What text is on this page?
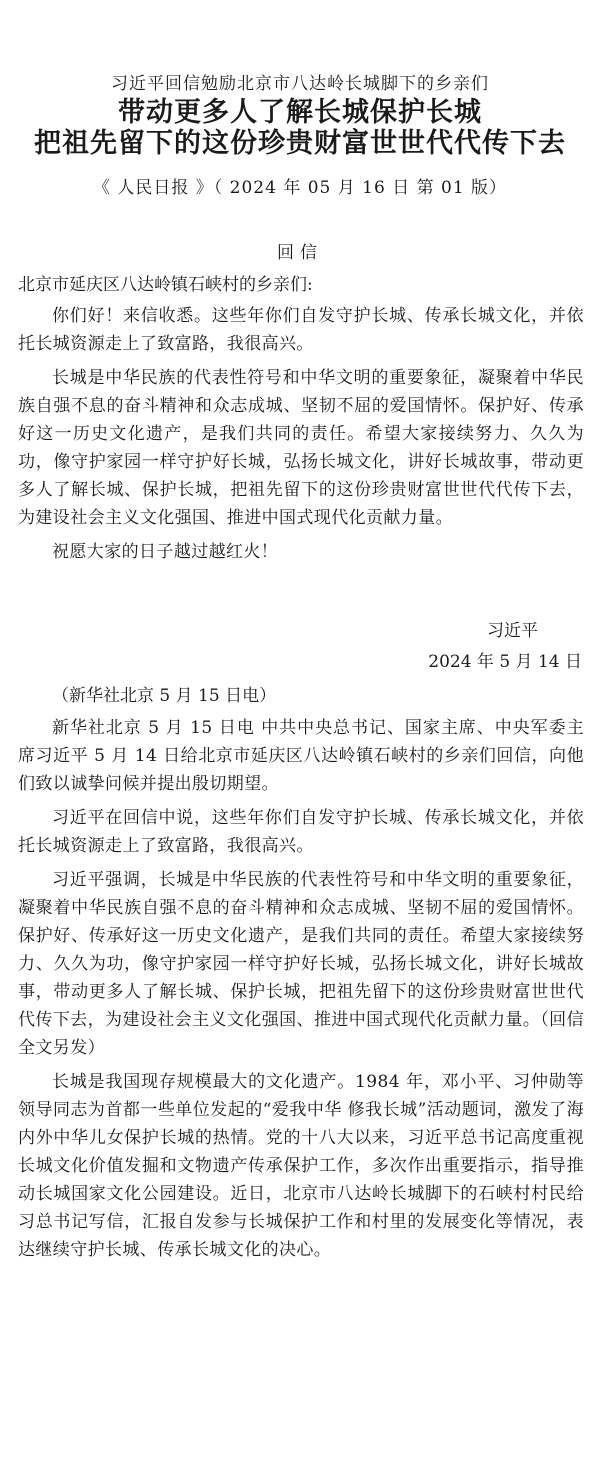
习近平回信勉励北京市八达岭长城脚下的乡亲们
带动更多人了解长城保护长城
把祖先留下的这份珍贵财富世世代代传下去
《 人民日报 》（ 2024 年 05 月 16 日 第 01 版）
回信
北京市延庆区八达岭镇石峡村的乡亲们:

你们好！来信收悉。这些年你们自发守护长城、传承长城文化，并依托长城资源走上了致富路，我很高兴。

长城是中华民族的代表性符号和中华文明的重要象征，凝聚着中华民族自强不息的奋斗精神和众志成城、坚韧不屈的爱国情怀。保护好、传承好这一历史文化遗产，是我们共同的责任。希望大家接续努力、久久为功，像守护家园一样守护好长城，弘扬长城文化，讲好长城故事，带动更多人了解长城、保护长城，把祖先留下的这份珍贵财富世世代代传下去，为建设社会主义文化强国、推进中国式现代化贡献力量。

祝愿大家的日子越过越红火！

习近平
2024 年 5 月 14 日
（新华社北京 5 月 15 日电）

新华社北京 5 月 15 日电 中共中央总书记、国家主席、中央军委主席习近平 5 月 14 日给北京市延庆区八达岭镇石峡村的乡亲们回信，向他们致以诚挚问候并提出殷切期望。

习近平在回信中说，这些年你们自发守护长城、传承长城文化，并依托长城资源走上了致富路，我很高兴。

习近平强调，长城是中华民族的代表性符号和中华文明的重要象征，凝聚着中华民族自强不息的奋斗精神和众志成城、坚韧不屈的爱国情怀。保护好、传承好这一历史文化遗产，是我们共同的责任。希望大家接续努力、久久为功，像守护家园一样守护好长城，弘扬长城文化，讲好长城故事，带动更多人了解长城、保护长城，把祖先留下的这份珍贵财富世世代代传下去，为建设社会主义文化强国、推进中国式现代化贡献力量。（回信全文另发）

长城是我国现存规模最大的文化遗产。1984 年，邓小平、习仲勋等领导同志为首都一些单位发起的“爱我中华 修我长城”活动题词，激发了海内外中华儿女保护长城的热情。党的十八大以来，习近平总书记高度重视长城文化价值发掘和文物遗产传承保护工作，多次作出重要指示，指导推动长城国家文化公园建设。近日，北京市八达岭长城脚下的石峡村村民给习总书记写信，汇报自发参与长城保护工作和村里的发展变化等情况，表达继续守护长城、传承长城文化的决心。
